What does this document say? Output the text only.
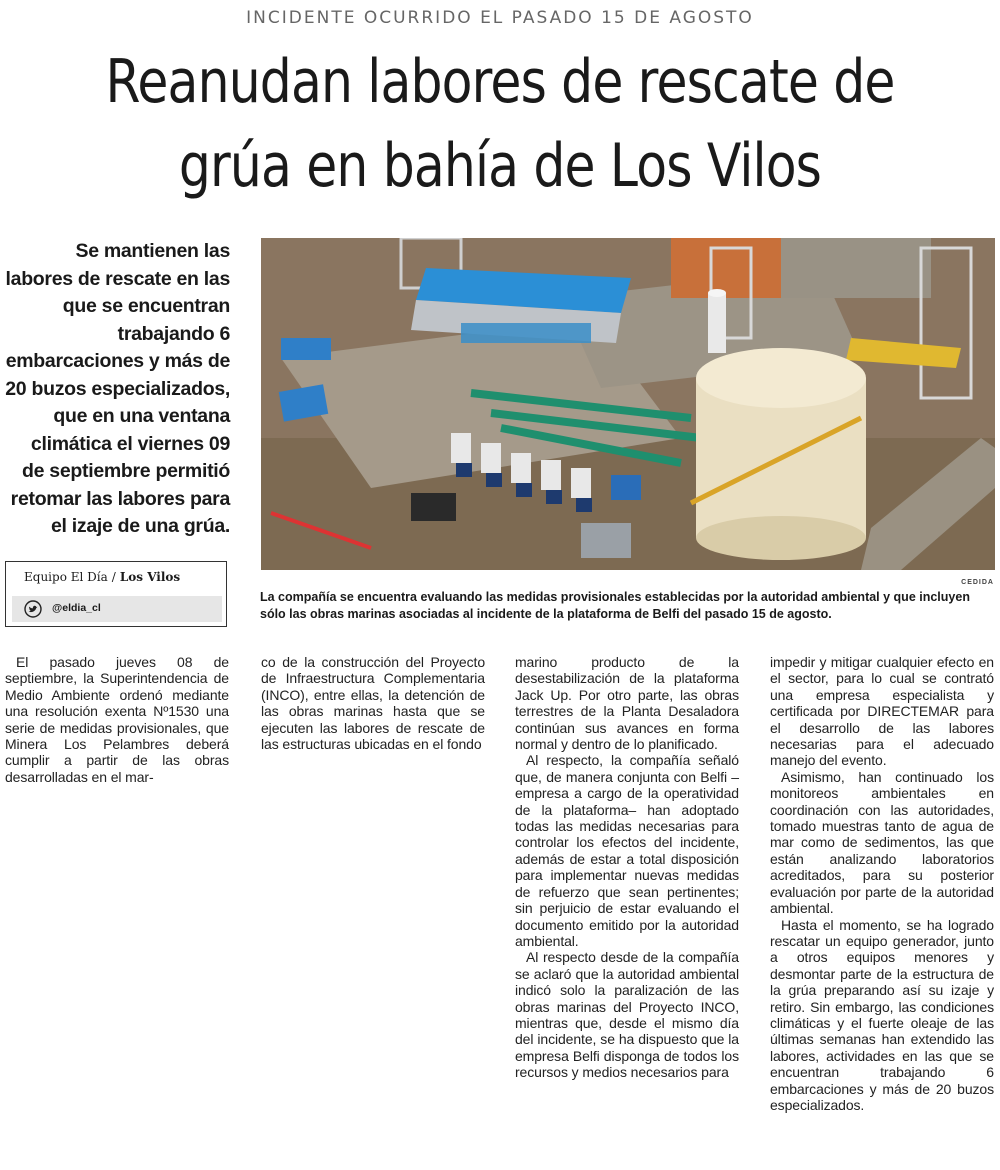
INCIDENTE OCURRIDO EL PASADO 15 DE AGOSTO
Reanudan labores de rescate de
grúa en bahía de Los Vilos
Se mantienen las labores de rescate en las que se encuentran trabajando 6 embarcaciones y más de 20 buzos especializados, que en una ventana climática el viernes 09 de septiembre permitió retomar las labores para el izaje de una grúa.
CEDIDA
La compañía se encuentra evaluando las medidas provisionales establecidas por la autoridad ambiental y que incluyen sólo las obras marinas asociadas al incidente de la plataforma de Belfi del pasado 15 de agosto.
Equipo El Día / Los Vilos
@eldia_cl

El pasado jueves 08 de septiembre, la Superintendencia de Medio Ambiente ordenó mediante una resolución exenta Nº1530 una serie de medidas provisionales, que Minera Los Pelambres deberá cumplir a partir de las obras desarrolladas en el mar-

co de la construcción del Proyecto de Infraestructura Complementaria (INCO), entre ellas, la detención de las obras marinas hasta que se ejecuten las labores de rescate de las estructuras ubicadas en el fondo

marino producto de la desestabilización de la plataforma Jack Up. Por otro parte, las obras terrestres de la Planta Desaladora continúan sus avances en forma normal y dentro de lo planificado.

Al respecto, la compañía señaló que, de manera conjunta con Belfi –empresa a cargo de la operatividad de la plataforma– han adoptado todas las medidas necesarias para controlar los efectos del incidente, además de estar a total disposición para implementar nuevas medidas de refuerzo que sean pertinentes; sin perjuicio de estar evaluando el documento emitido por la autoridad ambiental.

Al respecto desde de la compañía se aclaró que la autoridad ambiental indicó solo la paralización de las obras marinas del Proyecto INCO, mientras que, desde el mismo día del incidente, se ha dispuesto que la empresa Belfi disponga de todos los recursos y medios necesarios para

impedir y mitigar cualquier efecto en el sector, para lo cual se contrató una empresa especialista y certificada por DIRECTEMAR para el desarrollo de las labores necesarias para el adecuado manejo del evento.

Asimismo, han continuado los monitoreos ambientales en coordinación con las autoridades, tomado muestras tanto de agua de mar como de sedimentos, las que están analizando laboratorios acreditados, para su posterior evaluación por parte de la autoridad ambiental.

Hasta el momento, se ha logrado rescatar un equipo generador, junto a otros equipos menores y desmontar parte de la estructura de la grúa preparando así su izaje y retiro. Sin embargo, las condiciones climáticas y el fuerte oleaje de las últimas semanas han extendido las labores, actividades en las que se encuentran trabajando 6 embarcaciones y más de 20 buzos especializados.
